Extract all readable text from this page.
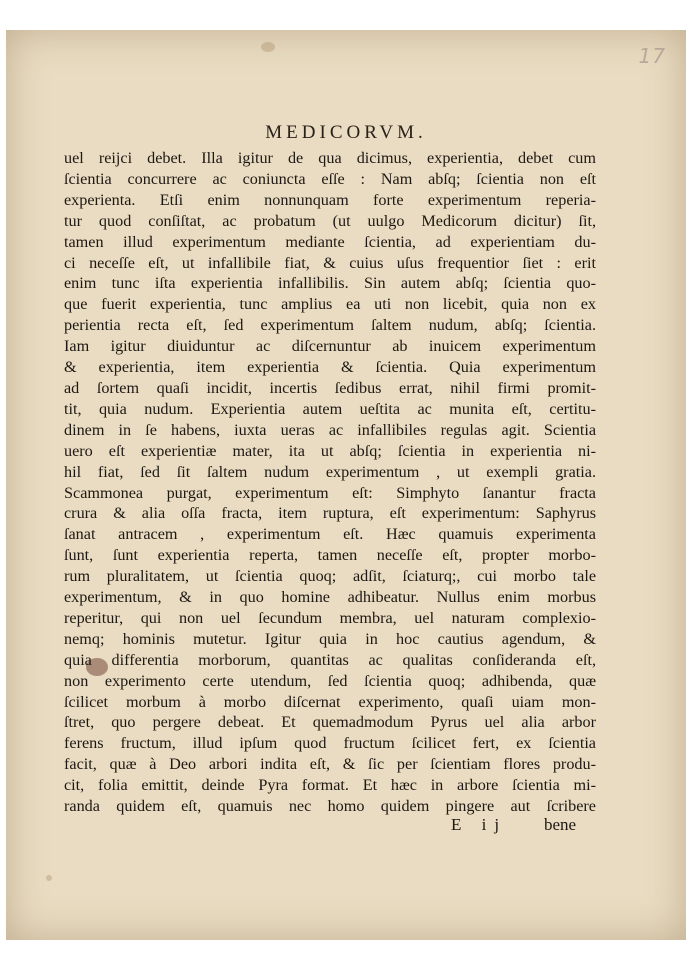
17
MEDICORVM.
uel reijci debet. Illa igitur de qua dicimus, experientia, debet cum
ſcientia concurrere ac coniuncta eſſe : Nam abſq; ſcientia non eſt
experienta. Etſi enim nonnunquam forte experimentum reperia-
tur quod conſiſtat, ac probatum (ut uulgo Medicorum dicitur) ſit,
tamen illud experimentum mediante ſcientia, ad experientiam du-
ci neceſſe eſt, ut infallibile fiat, & cuius uſus frequentior ſiet : erit
enim tunc iſta experientia infallibilis. Sin autem abſq; ſcientia quo-
que fuerit experientia, tunc amplius ea uti non licebit, quia non ex
perientia recta eſt, ſed experimentum ſaltem nudum, abſq; ſcientia.
Iam igitur diuiduntur ac diſcernuntur ab inuicem experimentum
& experientia, item experientia & ſcientia. Quia experimentum
ad ſortem quaſi incidit, incertis ſedibus errat, nihil firmi promit-
tit, quia nudum. Experientia autem ueſtita ac munita eſt, certitu-
dinem in ſe habens, iuxta ueras ac infallibiles regulas agit. Scientia
uero eſt experientiæ mater, ita ut abſq; ſcientia in experientia ni-
hil fiat, ſed ſit ſaltem nudum experimentum , ut exempli gratia.
Scammonea purgat, experimentum eſt: Simphyto ſanantur fracta
crura & alia oſſa fracta, item ruptura, eſt experimentum: Saphyrus
ſanat antracem , experimentum eſt. Hæc quamuis experimenta
ſunt, ſunt experientia reperta, tamen neceſſe eſt, propter morbo-
rum pluralitatem, ut ſcientia quoq; adſit, ſciaturq;, cui morbo tale
experimentum, & in quo homine adhibeatur. Nullus enim morbus
reperitur, qui non uel ſecundum membra, uel naturam complexio-
nemq; hominis mutetur. Igitur quia in hoc cautius agendum, &
quia differentia morborum, quantitas ac qualitas conſideranda eſt,
non experimento certe utendum, ſed ſcientia quoq; adhibenda, quæ
ſcilicet morbum à morbo diſcernat experimento, quaſi uiam mon-
ſtret, quo pergere debeat. Et quemadmodum Pyrus uel alia arbor
ferens fructum, illud ipſum quod fructum ſcilicet fert, ex ſcientia
facit, quæ à Deo arbori indita eſt, & ſic per ſcientiam flores produ-
cit, folia emittit, deinde Pyra format. Et hæc in arbore ſcientia mi-
randa quidem eſt, quamuis nec homo quidem pingere aut ſcribere
E ij bene
